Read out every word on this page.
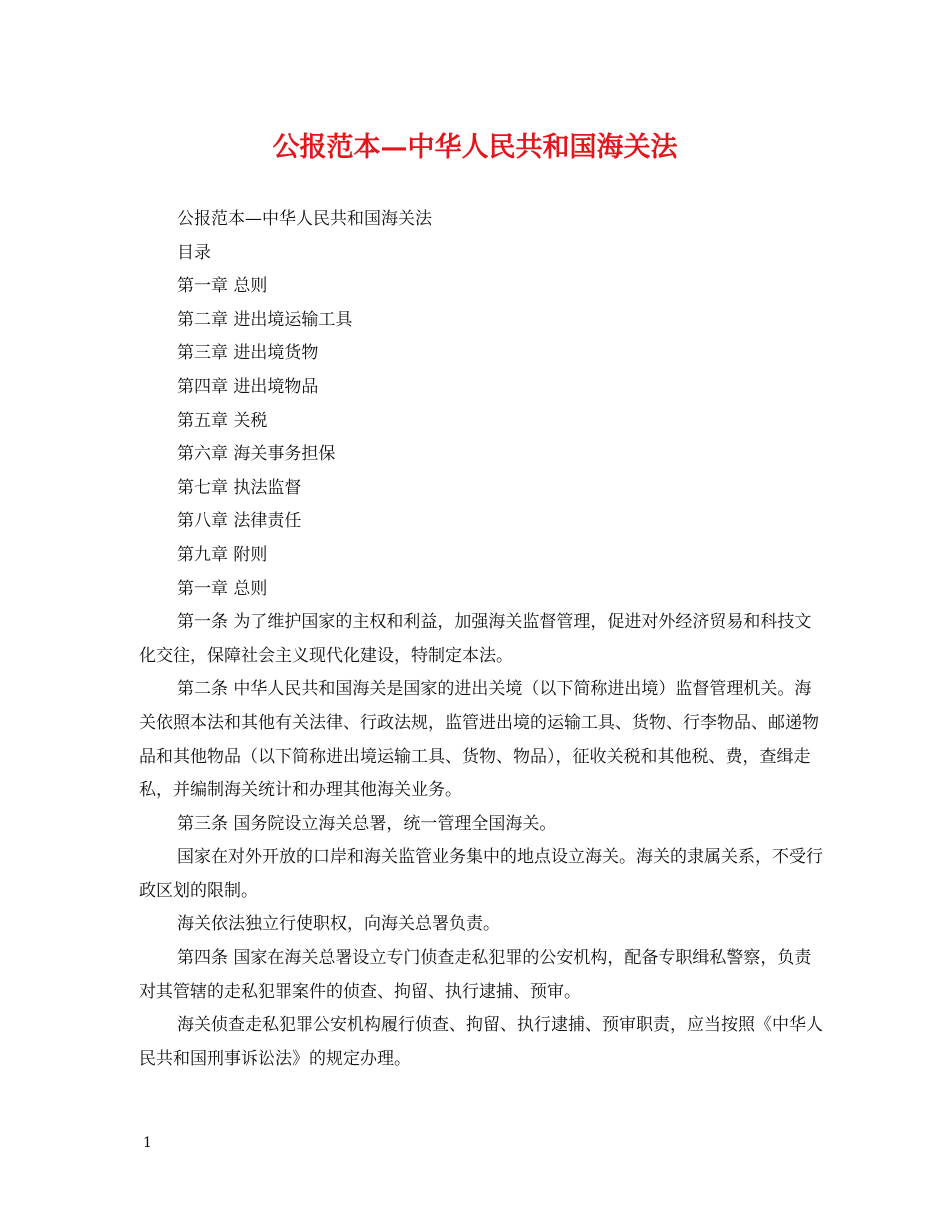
公报范本—中华人民共和国海关法

公报范本—中华人民共和国海关法

目录

第一章 总则

第二章 进出境运输工具

第三章 进出境货物

第四章 进出境物品

第五章 关税

第六章 海关事务担保

第七章 执法监督

第八章 法律责任

第九章 附则

第一章 总则

第一条 为了维护国家的主权和利益，加强海关监督管理，促进对外经济贸易和科技文化交往，保障社会主义现代化建设，特制定本法。

第二条 中华人民共和国海关是国家的进出关境（以下简称进出境）监督管理机关。海关依照本法和其他有关法律、行政法规，监管进出境的运输工具、货物、行李物品、邮递物品和其他物品（以下简称进出境运输工具、货物、物品），征收关税和其他税、费，查缉走私，并编制海关统计和办理其他海关业务。

第三条 国务院设立海关总署，统一管理全国海关。

国家在对外开放的口岸和海关监管业务集中的地点设立海关。海关的隶属关系，不受行政区划的限制。

海关依法独立行使职权，向海关总署负责。

第四条 国家在海关总署设立专门侦查走私犯罪的公安机构，配备专职缉私警察，负责对其管辖的走私犯罪案件的侦查、拘留、执行逮捕、预审。

海关侦查走私犯罪公安机构履行侦查、拘留、执行逮捕、预审职责，应当按照《中华人民共和国刑事诉讼法》的规定办理。

1
